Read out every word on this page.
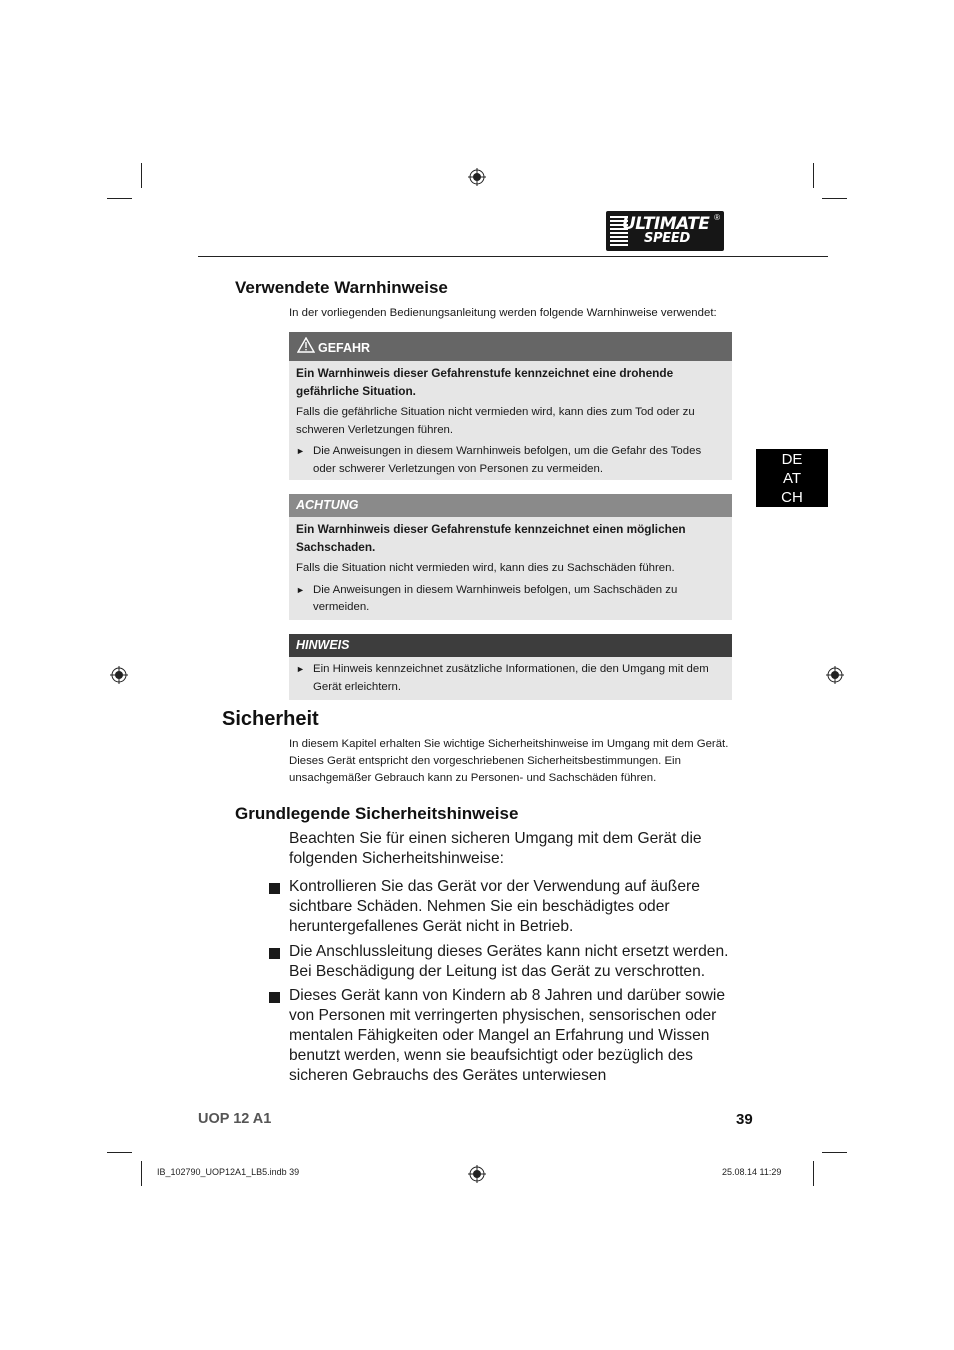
ULTIMATE
SPEED
®
DE
AT
CH
Verwendete Warnhinweise
In der vorliegenden Bedienungsanleitung werden folgende Warnhinweise verwendet:
GEFAHR
Ein Warnhinweis dieser Gefahrenstufe kennzeichnet eine drohende gefährliche Situation.
Falls die gefährliche Situation nicht vermieden wird, kann dies zum Tod oder zu schweren Verletzungen führen.
► Die Anweisungen in diesem Warnhinweis befolgen, um die Gefahr des Todes oder schwerer Verletzungen von Personen zu vermeiden.
ACHTUNG
Ein Warnhinweis dieser Gefahrenstufe kennzeichnet einen möglichen Sachschaden.
Falls die Situation nicht vermieden wird, kann dies zu Sachschäden führen.
► Die Anweisungen in diesem Warnhinweis befolgen, um Sachschäden zu vermeiden.
HINWEIS
► Ein Hinweis kennzeichnet zusätzliche Informationen, die den Umgang mit dem Gerät erleichtern.
Sicherheit
In diesem Kapitel erhalten Sie wichtige Sicherheitshinweise im Umgang mit dem Gerät. Dieses Gerät entspricht den vorgeschriebenen Sicherheitsbestimmungen. Ein unsachgemäßer Gebrauch kann zu Personen- und Sachschäden führen.
Grundlegende Sicherheitshinweise
Beachten Sie für einen sicheren Umgang mit dem Gerät die folgenden Sicherheitshinweise:
Kontrollieren Sie das Gerät vor der Verwendung auf äußere sichtbare Schäden. Nehmen Sie ein beschädigtes oder heruntergefallenes Gerät nicht in Betrieb.
Die Anschlussleitung dieses Gerätes kann nicht ersetzt werden. Bei Beschädigung der Leitung ist das Gerät zu verschrotten.
Dieses Gerät kann von Kindern ab 8 Jahren und darüber sowie von Personen mit verringerten physischen, sensorischen oder mentalen Fähigkeiten oder Mangel an Erfahrung und Wissen benutzt werden, wenn sie beaufsichtigt oder bezüglich des sicheren Gebrauchs des Gerätes unterwiesen
UOP 12 A1	39
IB_102790_UOP12A1_LB5.indb 39	25.08.14 11:29
